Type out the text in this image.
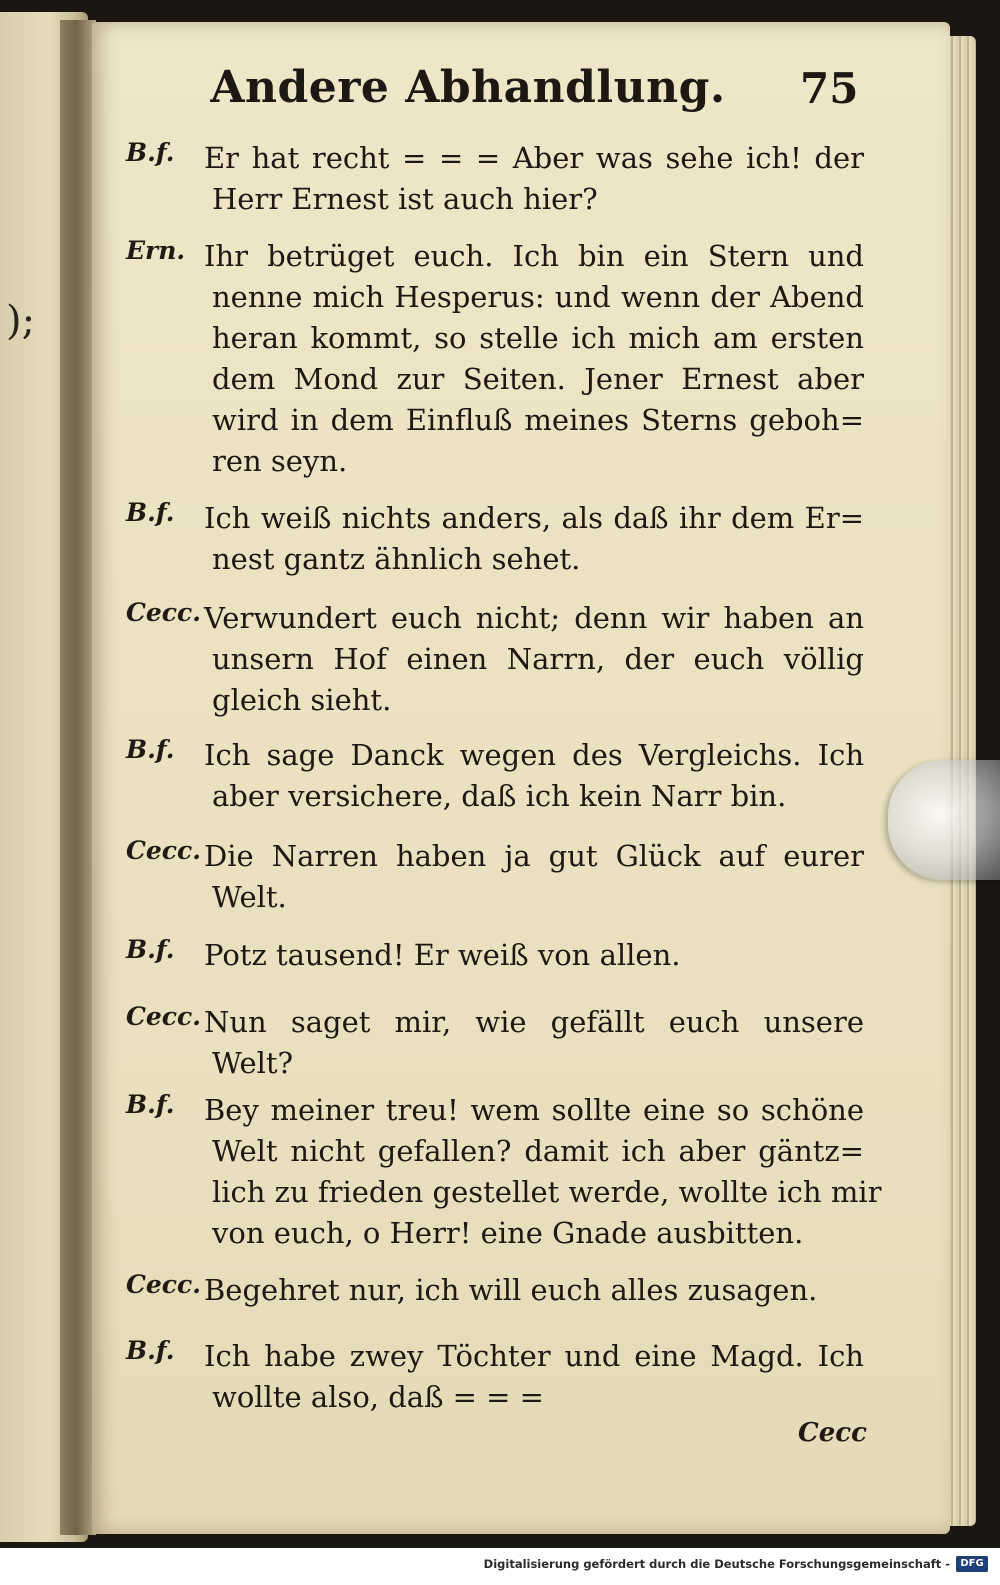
);
Andere Abhandlung.	75
B.f. Er hat recht = = = Aber was sehe ich! der
Herr Ernest ist auch hier?
Ern. Ihr betrüget euch. Ich bin ein Stern und
nenne mich Hesperus: und wenn der Abend
heran kommt, so stelle ich mich am ersten
dem Mond zur Seiten. Jener Ernest aber
wird in dem Einfluß meines Sterns geboh=
ren seyn.
B.f. Ich weiß nichts anders, als daß ihr dem Er=
nest gantz ähnlich sehet.
Cecc. Verwundert euch nicht; denn wir haben an
unsern Hof einen Narrn, der euch völlig
gleich sieht.
B.f. Ich sage Danck wegen des Vergleichs. Ich
aber versichere, daß ich kein Narr bin.
Cecc. Die Narren haben ja gut Glück auf eurer
Welt.
B.f. Potz tausend! Er weiß von allen.
Cecc. Nun saget mir, wie gefällt euch unsere
Welt?
B.f. Bey meiner treu! wem sollte eine so schöne
Welt nicht gefallen? damit ich aber gäntz=
lich zu frieden gestellet werde, wollte ich mir
von euch, o Herr! eine Gnade ausbitten.
Cecc. Begehret nur, ich will euch alles zusagen.
B.f. Ich habe zwey Töchter und eine Magd. Ich
wollte also, daß = = =
Cecc
Digitalisierung gefördert durch die Deutsche Forschungsgemeinschaft -	DFG
